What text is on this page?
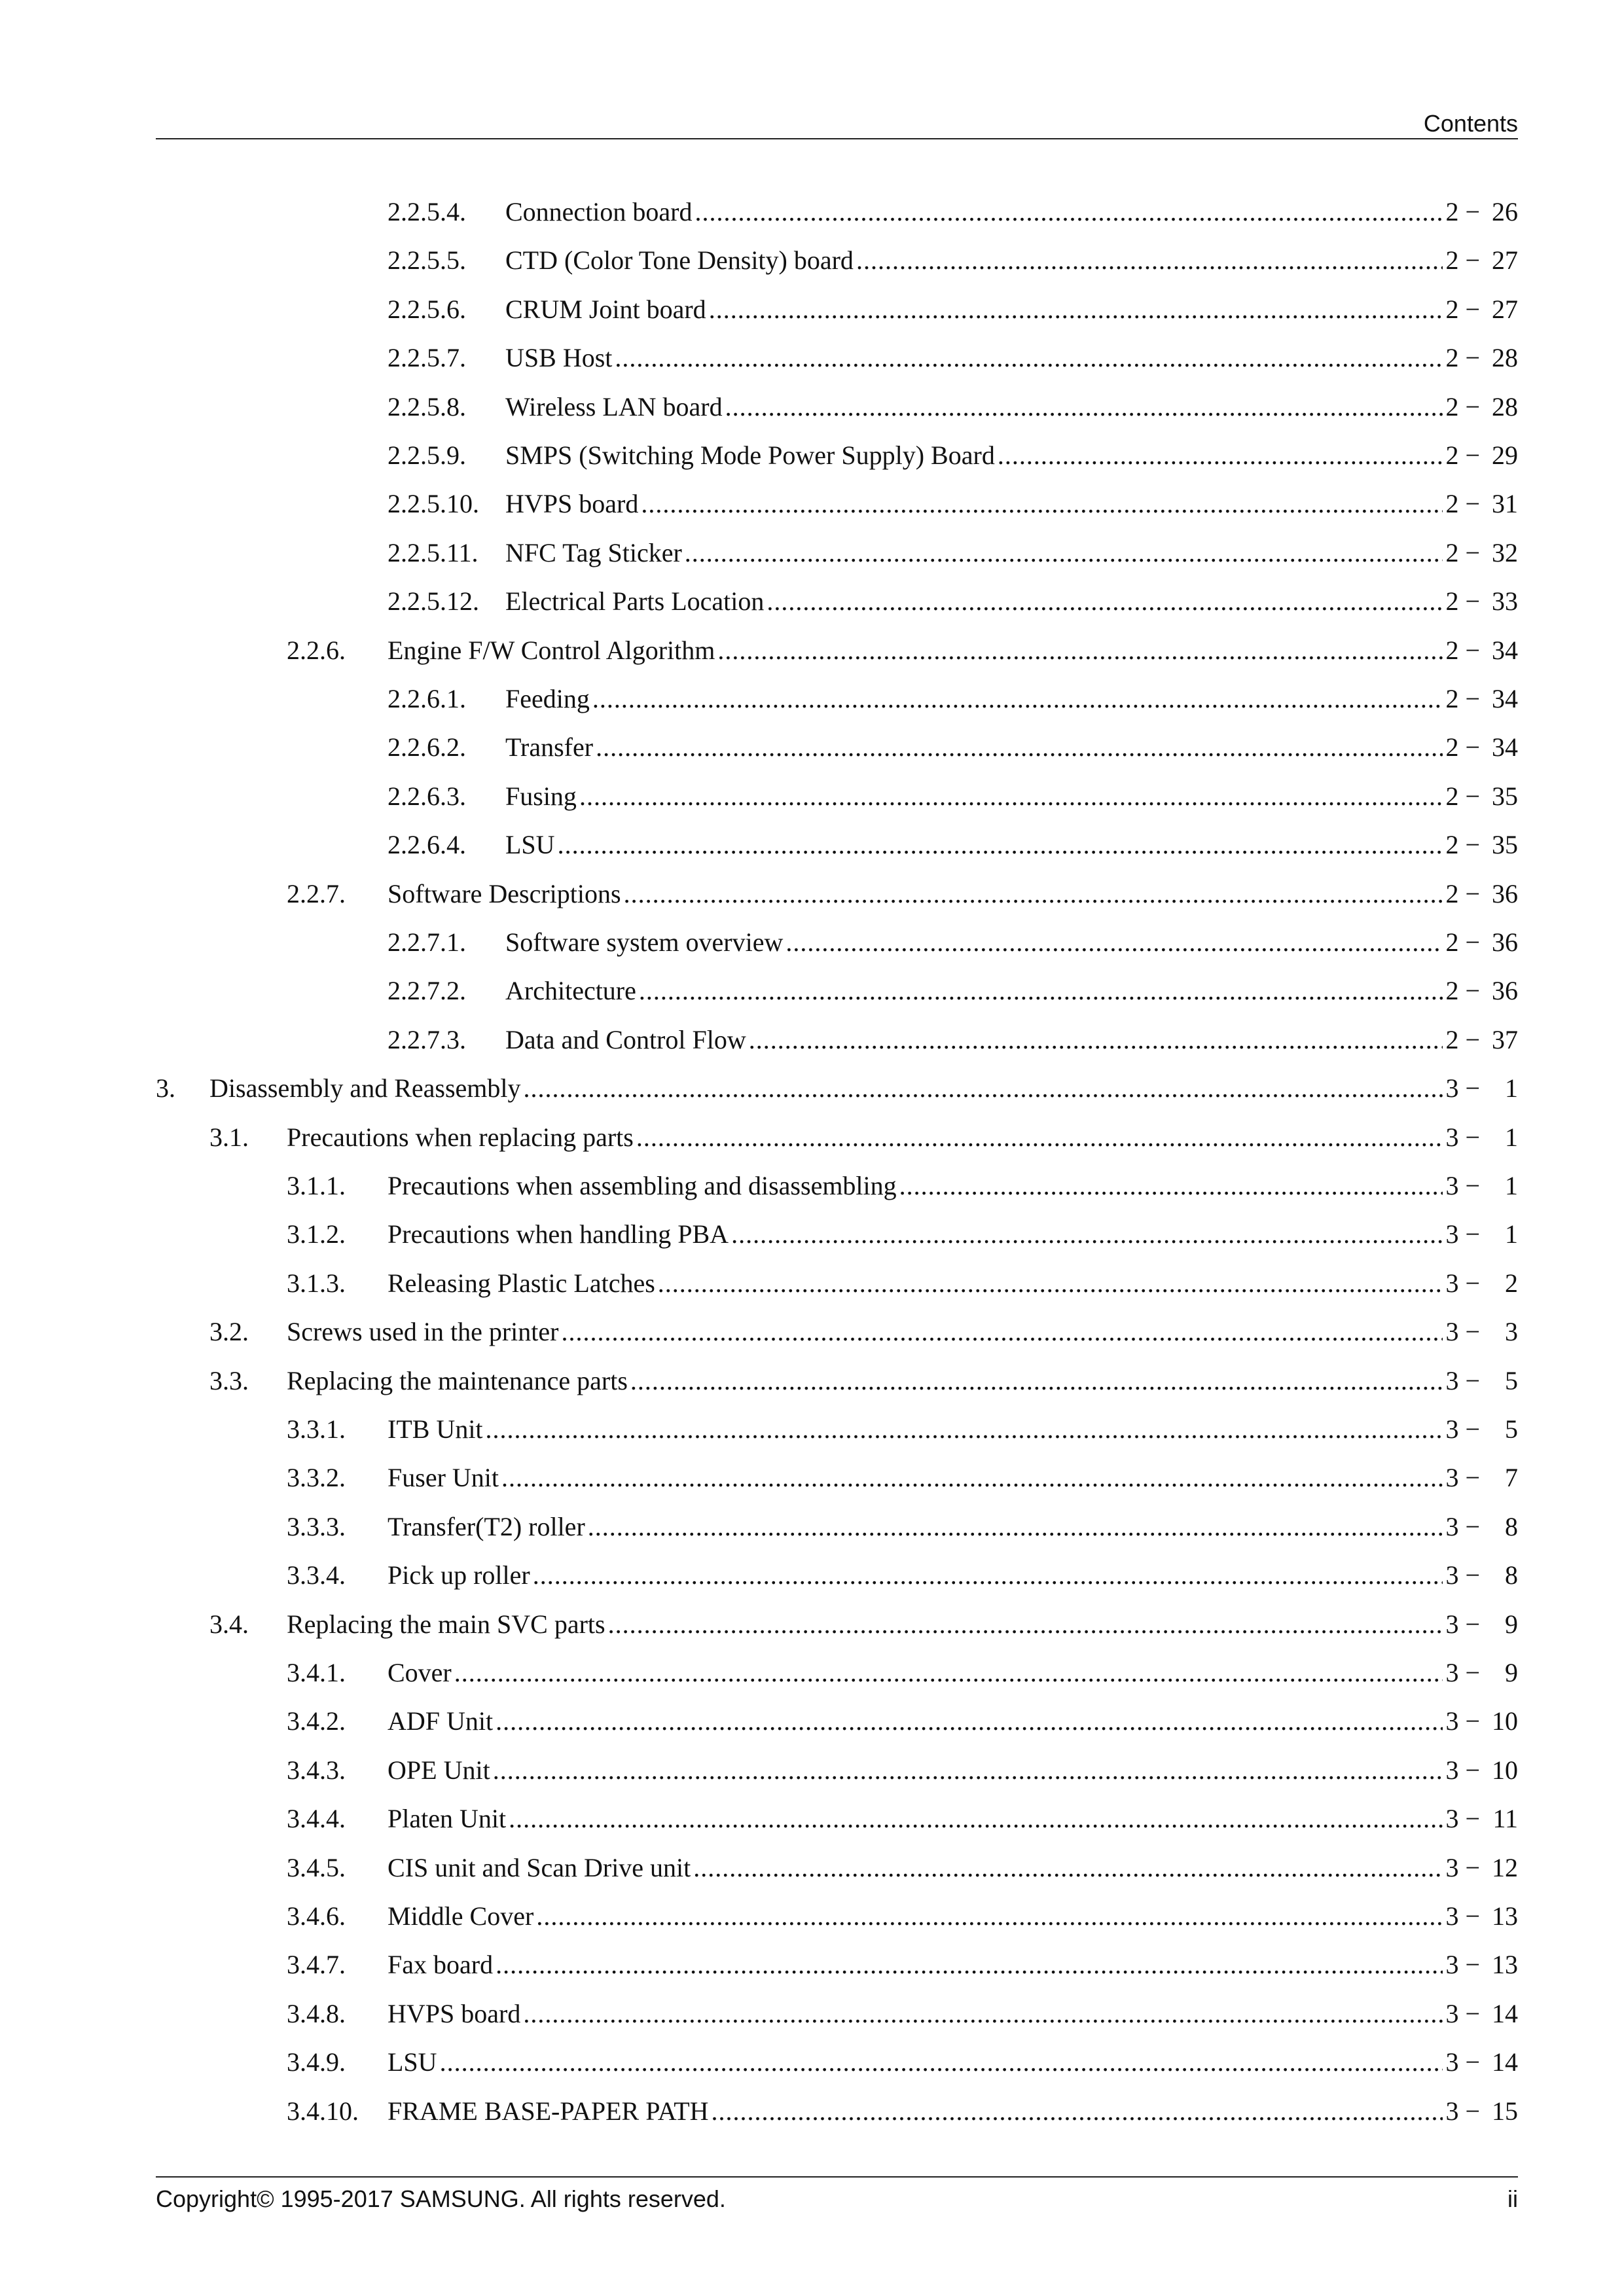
Contents
2.2.5.4. Connection board .....	2 − 26
2.2.5.5. CTD (Color Tone Density) board .....	2 − 27
2.2.5.6. CRUM Joint board .....	2 − 27
2.2.5.7. USB Host .....	2 − 28
2.2.5.8. Wireless LAN board .....	2 − 28
2.2.5.9. SMPS (Switching Mode Power Supply) Board .....	2 − 29
2.2.5.10. HVPS board .....	2 − 31
2.2.5.11. NFC Tag Sticker .....	2 − 32
2.2.5.12. Electrical Parts Location .....	2 − 33
2.2.6. Engine F/W Control Algorithm .....	2 − 34
2.2.6.1. Feeding .....	2 − 34
2.2.6.2. Transfer .....	2 − 34
2.2.6.3. Fusing .....	2 − 35
2.2.6.4. LSU .....	2 − 35
2.2.7. Software Descriptions .....	2 − 36
2.2.7.1. Software system overview .....	2 − 36
2.2.7.2. Architecture .....	2 − 36
2.2.7.3. Data and Control Flow .....	2 − 37
3. Disassembly and Reassembly .....	3 − 1
3.1. Precautions when replacing parts .....	3 − 1
3.1.1. Precautions when assembling and disassembling .....	3 − 1
3.1.2. Precautions when handling PBA .....	3 − 1
3.1.3. Releasing Plastic Latches .....	3 − 2
3.2. Screws used in the printer .....	3 − 3
3.3. Replacing the maintenance parts .....	3 − 5
3.3.1. ITB Unit .....	3 − 5
3.3.2. Fuser Unit .....	3 − 7
3.3.3. Transfer(T2) roller .....	3 − 8
3.3.4. Pick up roller .....	3 − 8
3.4. Replacing the main SVC parts .....	3 − 9
3.4.1. Cover .....	3 − 9
3.4.2. ADF Unit .....	3 − 10
3.4.3. OPE Unit .....	3 − 10
3.4.4. Platen Unit .....	3 − 11
3.4.5. CIS unit and Scan Drive unit .....	3 − 12
3.4.6. Middle Cover .....	3 − 13
3.4.7. Fax board .....	3 − 13
3.4.8. HVPS board .....	3 − 14
3.4.9. LSU .....	3 − 14
3.4.10. FRAME BASE-PAPER PATH .....	3 − 15
Copyright© 1995-2017 SAMSUNG. All rights reserved.	ii
